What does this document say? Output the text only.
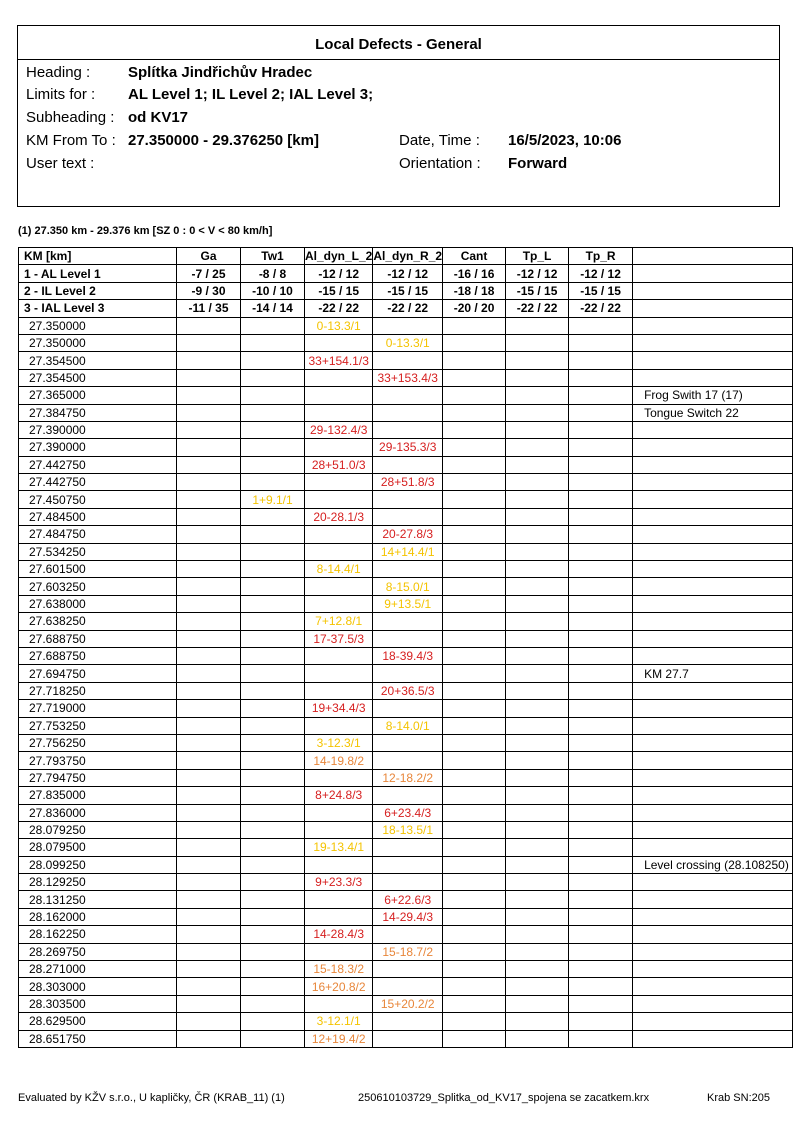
Local Defects - General
Heading :	Splítka Jindřichův Hradec
Limits for : AL Level 1; IL Level 2; IAL Level 3;
Subheading : od KV17
KM From To : 27.350000 - 29.376250 [km]	Date, Time : 16/5/2023, 10:06
User text :	Orientation : Forward
(1) 27.350 km - 29.376 km [SZ 0 : 0 < V < 80 km/h]
KM [km]	Ga	Tw1	Al_dyn_L_2	Al_dyn_R_2	Cant	Tp_L	Tp_R	
1 - AL Level 1	-7 / 25	-8 / 8	-12 / 12	-12 / 12	-16 / 16	-12 / 12	-12 / 12	
2 - IL Level 2	-9 / 30	-10 / 10	-15 / 15	-15 / 15	-18 / 18	-15 / 15	-15 / 15	
3 - IAL Level 3	-11 / 35	-14 / 14	-22 / 22	-22 / 22	-20 / 20	-22 / 22	-22 / 22	
27.350000			0-13.3/1					
27.350000				0-13.3/1				
27.354500			33+154.1/3					
27.354500				33+153.4/3				
27.365000								Frog Swith 17 (17)
27.384750								Tongue Switch 22
27.390000			29-132.4/3					
27.390000				29-135.3/3				
27.442750			28+51.0/3					
27.442750				28+51.8/3				
27.450750		1+9.1/1						
27.484500			20-28.1/3					
27.484750				20-27.8/3				
27.534250				14+14.4/1				
27.601500			8-14.4/1					
27.603250				8-15.0/1				
27.638000				9+13.5/1				
27.638250			7+12.8/1					
27.688750			17-37.5/3					
27.688750				18-39.4/3				
27.694750								KM 27.7
27.718250				20+36.5/3				
27.719000			19+34.4/3					
27.753250				8-14.0/1				
27.756250			3-12.3/1					
27.793750			14-19.8/2					
27.794750				12-18.2/2				
27.835000			8+24.8/3					
27.836000				6+23.4/3				
28.079250				18-13.5/1				
28.079500			19-13.4/1					
28.099250								Level crossing (28.108250)
28.129250			9+23.3/3					
28.131250				6+22.6/3				
28.162000				14-29.4/3				
28.162250			14-28.4/3					
28.269750				15-18.7/2				
28.271000			15-18.3/2					
28.303000			16+20.8/2					
28.303500				15+20.2/2				
28.629500			3-12.1/1					
28.651750			12+19.4/2					
Evaluated by KŽV s.r.o., U kapličky, ČR (KRAB_11) (1)	250610103729_Splitka_od_KV17_spojena se zacatkem.krx	Krab SN:205
